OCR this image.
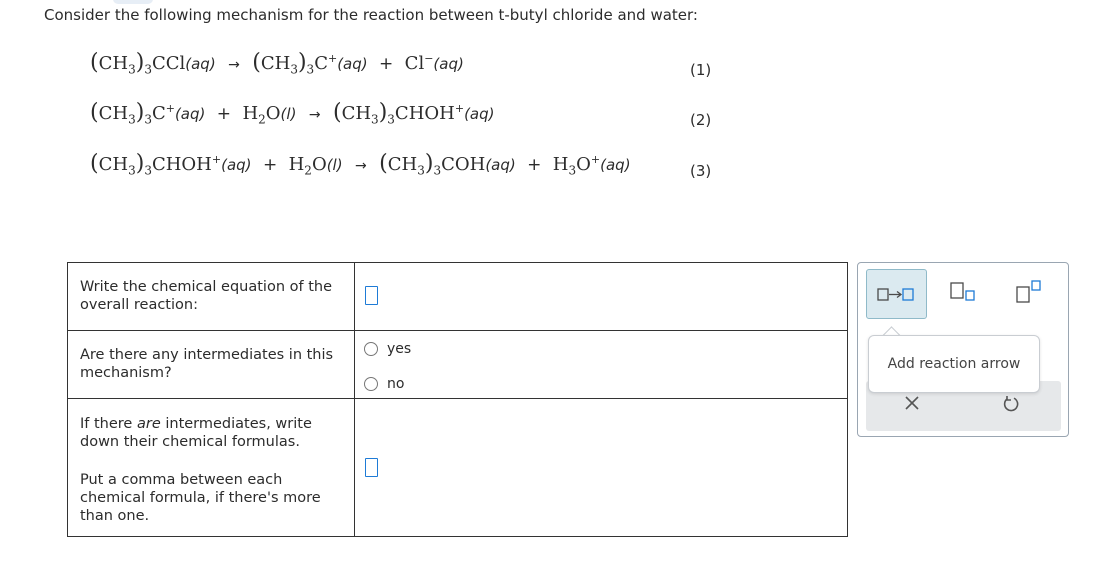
Consider the following mechanism for the reaction between t-butyl chloride and water:
$(CH_3)_3CCl(aq) \to (CH_3)_3C^+(aq) + Cl^-(aq)$	(1)
$(CH_3)_3C^+(aq) + H_2O(l)$ → $(CH_3)_3CHOH^+(aq)$	(2)
$(CH_3)_3CHOH^+(aq) + H_2O(l) \to (CH_3)_3COH(aq) + H_3O^+(aq)$	(3)
Write the chemical equation of the overall reaction:	

Are there any intermediates in this mechanism?	yes
no

If there are intermediates, write down their chemical formulas.
Put a comma between each chemical formula, if there's more than one.	

Add reaction arrow
